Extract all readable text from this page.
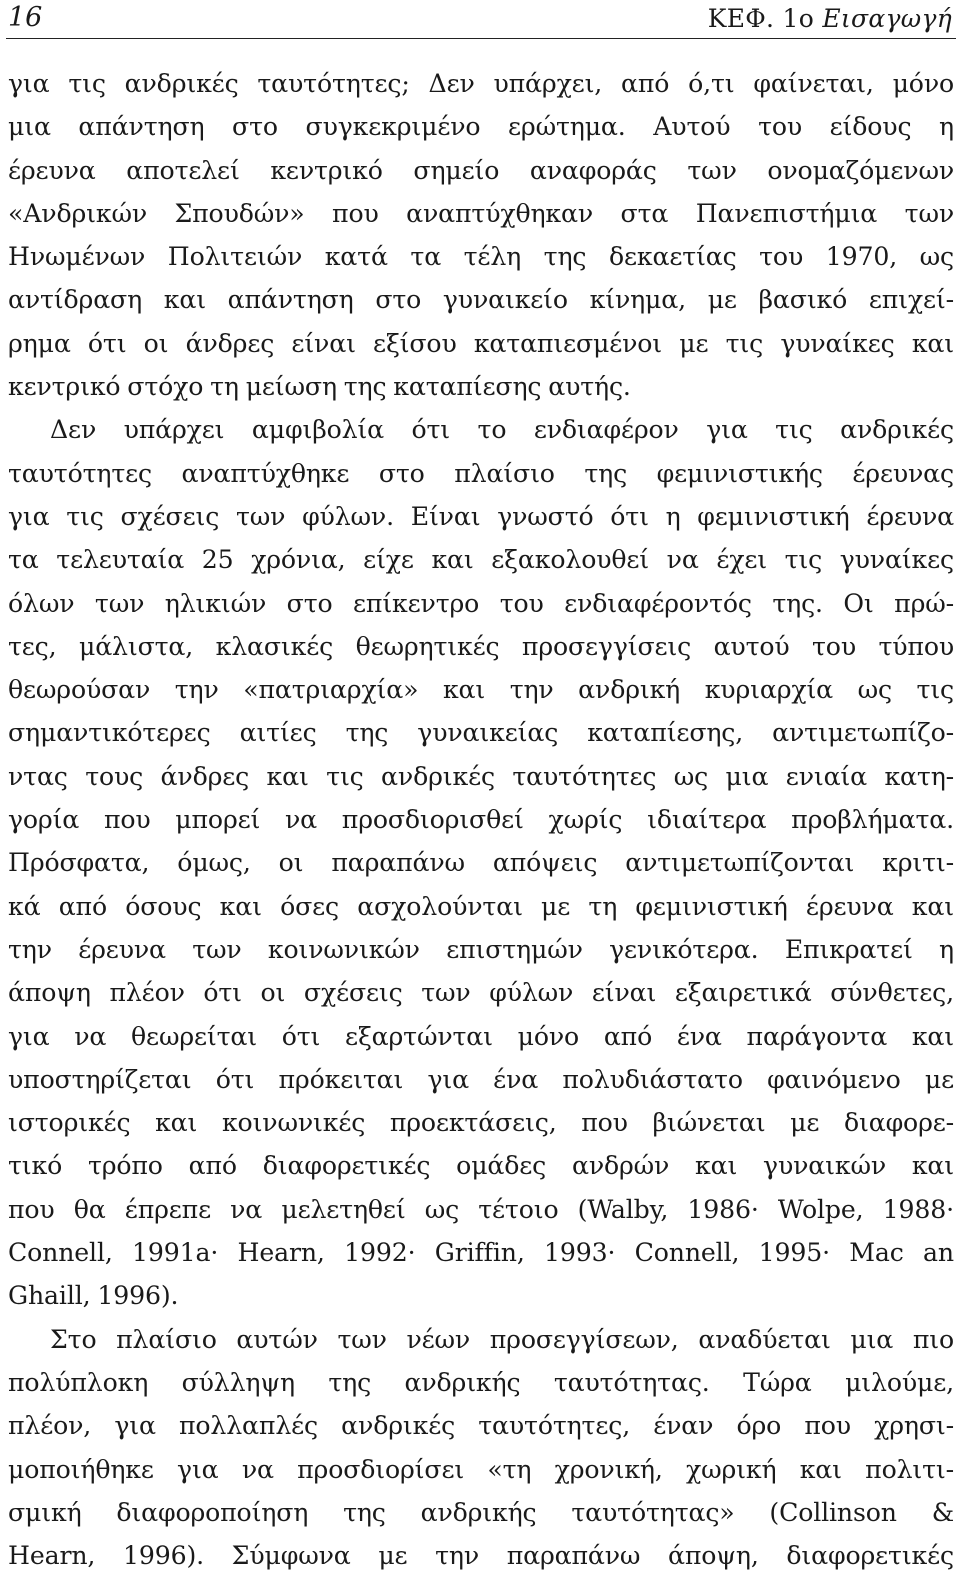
16	ΚΕΦ. 1ο Εισαγωγή
για τις ανδρικές ταυτότητες; Δεν υπάρχει, από ό,τι φαίνεται, μόνο
μια απάντηση στο συγκεκριμένο ερώτημα. Αυτού του είδους η
έρευνα αποτελεί κεντρικό σημείο αναφοράς των ονομαζόμενων
«Ανδρικών Σπουδών» που αναπτύχθηκαν στα Πανεπιστήμια των
Ηνωμένων Πολιτειών κατά τα τέλη της δεκαετίας του 1970, ως
αντίδραση και απάντηση στο γυναικείο κίνημα, με βασικό επιχεί-
ρημα ότι οι άνδρες είναι εξίσου καταπιεσμένοι με τις γυναίκες και
κεντρικό στόχο τη μείωση της καταπίεσης αυτής.
Δεν υπάρχει αμφιβολία ότι το ενδιαφέρον για τις ανδρικές
ταυτότητες αναπτύχθηκε στο πλαίσιο της φεμινιστικής έρευνας
για τις σχέσεις των φύλων. Είναι γνωστό ότι η φεμινιστική έρευνα
τα τελευταία 25 χρόνια, είχε και εξακολουθεί να έχει τις γυναίκες
όλων των ηλικιών στο επίκεντρο του ενδιαφέροντός της. Οι πρώ-
τες, μάλιστα, κλασικές θεωρητικές προσεγγίσεις αυτού του τύπου
θεωρούσαν την «πατριαρχία» και την ανδρική κυριαρχία ως τις
σημαντικότερες αιτίες της γυναικείας καταπίεσης, αντιμετωπίζο-
ντας τους άνδρες και τις ανδρικές ταυτότητες ως μια ενιαία κατη-
γορία που μπορεί να προσδιορισθεί χωρίς ιδιαίτερα προβλήματα.
Πρόσφατα, όμως, οι παραπάνω απόψεις αντιμετωπίζονται κριτι-
κά από όσους και όσες ασχολούνται με τη φεμινιστική έρευνα και
την έρευνα των κοινωνικών επιστημών γενικότερα. Επικρατεί η
άποψη πλέον ότι οι σχέσεις των φύλων είναι εξαιρετικά σύνθετες,
για να θεωρείται ότι εξαρτώνται μόνο από ένα παράγοντα και
υποστηρίζεται ότι πρόκειται για ένα πολυδιάστατο φαινόμενο με
ιστορικές και κοινωνικές προεκτάσεις, που βιώνεται με διαφορε-
τικό τρόπο από διαφορετικές ομάδες ανδρών και γυναικών και
που θα έπρεπε να μελετηθεί ως τέτοιο (Walby, 1986· Wolpe, 1988·
Connell, 1991a· Hearn, 1992· Griffin, 1993· Connell, 1995· Mac an
Ghaill, 1996).
Στο πλαίσιο αυτών των νέων προσεγγίσεων, αναδύεται μια πιο
πολύπλοκη σύλληψη της ανδρικής ταυτότητας. Τώρα μιλούμε,
πλέον, για πολλαπλές ανδρικές ταυτότητες, έναν όρο που χρησι-
μοποιήθηκε για να προσδιορίσει «τη χρονική, χωρική και πολιτι-
σμική διαφοροποίηση της ανδρικής ταυτότητας» (Collinson &
Hearn, 1996). Σύμφωνα με την παραπάνω άποψη, διαφορετικές
